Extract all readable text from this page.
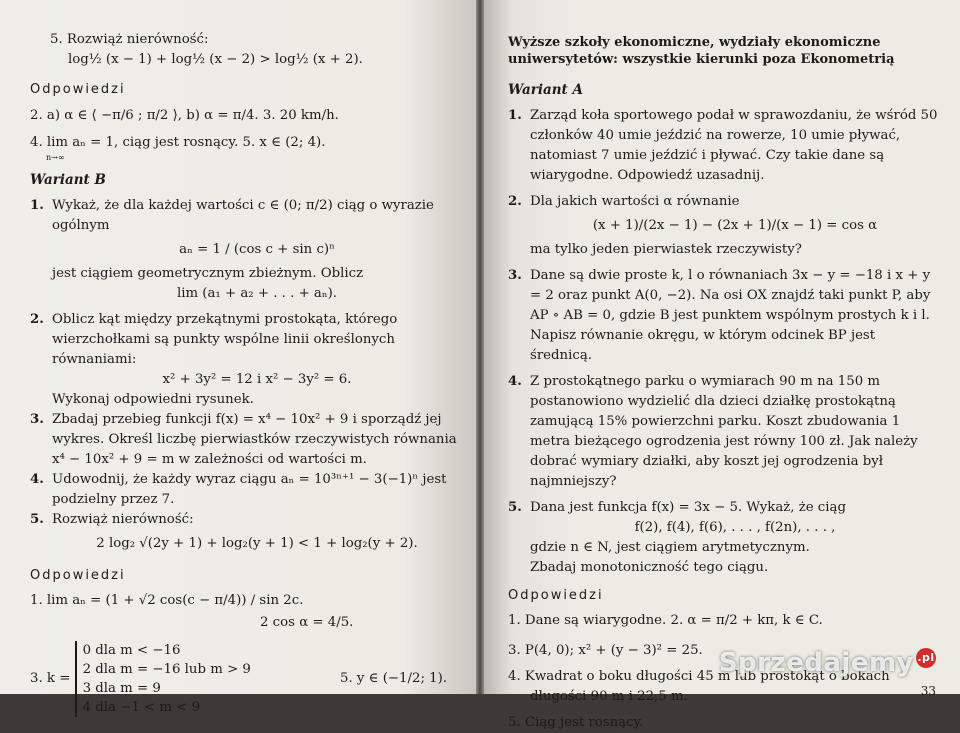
5. Rozwiąż nierówność:

log½ (x − 1) + log½ (x − 2) > log½ (x + 2).

Odpowiedzi

2. a) α ∈ ⟨ −π/6 ; π/2 ⟩, b) α = π/4. 3. 20 km/h.

4. lim aₙ = 1, ciąg jest rosnący. 5. x ∈ (2; 4).

n→∞

Wariant B
1. Wykaż, że dla każdej wartości c ∈ (0; π/2) ciąg o wyrazie ogólnym
aₙ = 1 / (cos c + sin c)ⁿ
jest ciągiem geometrycznym zbieżnym. Oblicz
lim (a₁ + a₂ + . . . + aₙ).
2. Oblicz kąt między przekątnymi prostokąta, którego wierzchołkami są punkty wspólne linii określonych równaniami:
x² + 3y² = 12 i x² − 3y² = 6.
Wykonaj odpowiedni rysunek.
3. Zbadaj przebieg funkcji f(x) = x⁴ − 10x² + 9 i sporządź jej wykres. Określ liczbę pierwiastków rzeczywistych równania x⁴ − 10x² + 9 = m w zależności od wartości m.
4. Udowodnij, że każdy wyraz ciągu aₙ = 10³ⁿ⁺¹ − 3(−1)ⁿ jest podzielny przez 7.
5. Rozwiąż nierówność:
2 log₂ √(2y + 1) + log₂(y + 1) < 1 + log₂(y + 2).
Odpowiedzi

1. lim aₙ = (1 + √2 cos(c − π/4)) / sin 2c.

2 cos α = 4/5.

3. k =
0 dla m < −16
2 dla m = −16 lub m > 9
3 dla m = 9
4 dla −1 < m < 9
5. y ∈ (−1/2; 1).
Wyższe szkoły ekonomiczne, wydziały ekonomiczne
uniwersytetów: wszystkie kierunki poza Ekonometrią
Wariant A
1. Zarząd koła sportowego podał w sprawozdaniu, że wśród 50 członków 40 umie jeździć na rowerze, 10 umie pływać, natomiast 7 umie jeździć i pływać. Czy takie dane są wiarygodne. Odpowiedź uzasadnij.
2. Dla jakich wartości α równanie
(x + 1)/(2x − 1) − (2x + 1)/(x − 1) = cos α
ma tylko jeden pierwiastek rzeczywisty?
3. Dane są dwie proste k, l o równaniach 3x − y = −18 i x + y = 2 oraz punkt A(0, −2). Na osi OX znajdź taki punkt P, aby AP ∘ AB = 0, gdzie B jest punktem wspólnym prostych k i l. Napisz równanie okręgu, w którym odcinek BP jest średnicą.
4. Z prostokątnego parku o wymiarach 90 m na 150 m postanowiono wydzielić dla dzieci działkę prostokątną zamującą 15% powierzchni parku. Koszt zbudowania 1 metra bieżącego ogrodzenia jest równy 100 zł. Jak należy dobrać wymiary działki, aby koszt jej ogrodzenia był najmniejszy?
5. Dana jest funkcja f(x) = 3x − 5. Wykaż, że ciąg
f(2), f(4), f(6), . . . , f(2n), . . . ,
gdzie n ∈ N, jest ciągiem arytmetycznym.
Zbadaj monotoniczność tego ciągu.
Odpowiedzi

1. Dane są wiarygodne. 2. α = π/2 + kπ, k ∈ C.

3. P(4, 0); x² + (y − 3)² = 25.

4. Kwadrat o boku długości 45 m lub prostokąt o bokach długości 90 m i 22,5 m.

5. Ciąg jest rosnący.

33
Sprzedajemy .pl
